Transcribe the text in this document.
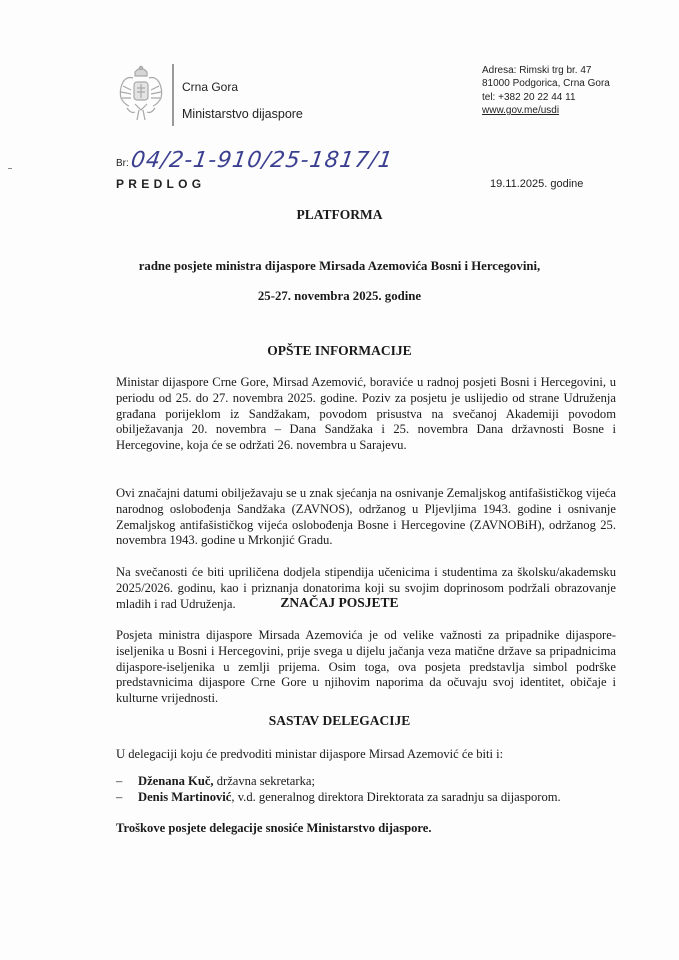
Crna Gora
Ministarstvo dijaspore
Adresa: Rimski trg br. 47
81000 Podgorica, Crna Gora
tel: +382 20 22 44 11
www.gov.me/usdi
Br: 04/2-1-910/25-1817/1
PREDLOG	19.11.2025. godine
PLATFORMA
radne posjete ministra dijaspore Mirsada Azemovića Bosni i Hercegovini,
25-27. novembra 2025. godine
OPŠTE INFORMACIJE
Ministar dijaspore Crne Gore, Mirsad Azemović, boraviće u radnoj posjeti Bosni i Hercegovini, u periodu od 25. do 27. novembra 2025. godine. Poziv za posjetu je uslijedio od strane Udruženja građana porijeklom iz Sandžakam, povodom prisustva na svečanoj Akademiji povodom obilježavanja 20. novembra – Dana Sandžaka i 25. novembra Dana državnosti Bosne i Hercegovine, koja će se održati 26. novembra u Sarajevu.
Ovi značajni datumi obilježavaju se u znak sjećanja na osnivanje Zemaljskog antifašističkog vijeća narodnog oslobođenja Sandžaka (ZAVNOS), održanog u Pljevljima 1943. godine i osnivanje Zemaljskog antifašističkog vijeća oslobođenja Bosne i Hercegovine (ZAVNOBiH), održanog 25. novembra 1943. godine u Mrkonjić Gradu.
Na svečanosti će biti upriličena dodjela stipendija učenicima i studentima za školsku/akademsku 2025/2026. godinu, kao i priznanja donatorima koji su svojim doprinosom podržali obrazovanje mladih i rad Udruženja.	ZNAČAJ POSJETE
Posjeta ministra dijaspore Mirsada Azemovića je od velike važnosti za pripadnike dijaspore-iseljenika u Bosni i Hercegovini, prije svega u dijelu jačanja veza matične države sa pripadnicima dijaspore-iseljenika u zemlji prijema. Osim toga, ova posjeta predstavlja simbol podrške predstavnicima dijaspore Crne Gore u njihovim naporima da očuvaju svoj identitet, običaje i kulturne vrijednosti.
SASTAV DELEGACIJE
U delegaciji koju će predvoditi ministar dijaspore Mirsad Azemović će biti i:
–	Dženana Kuč, državna sekretarka;
–	Denis Martinović, v.d. generalnog direktora Direktorata za saradnju sa dijasporom.
Troškove posjete delegacije snosiće Ministarstvo dijaspore.
